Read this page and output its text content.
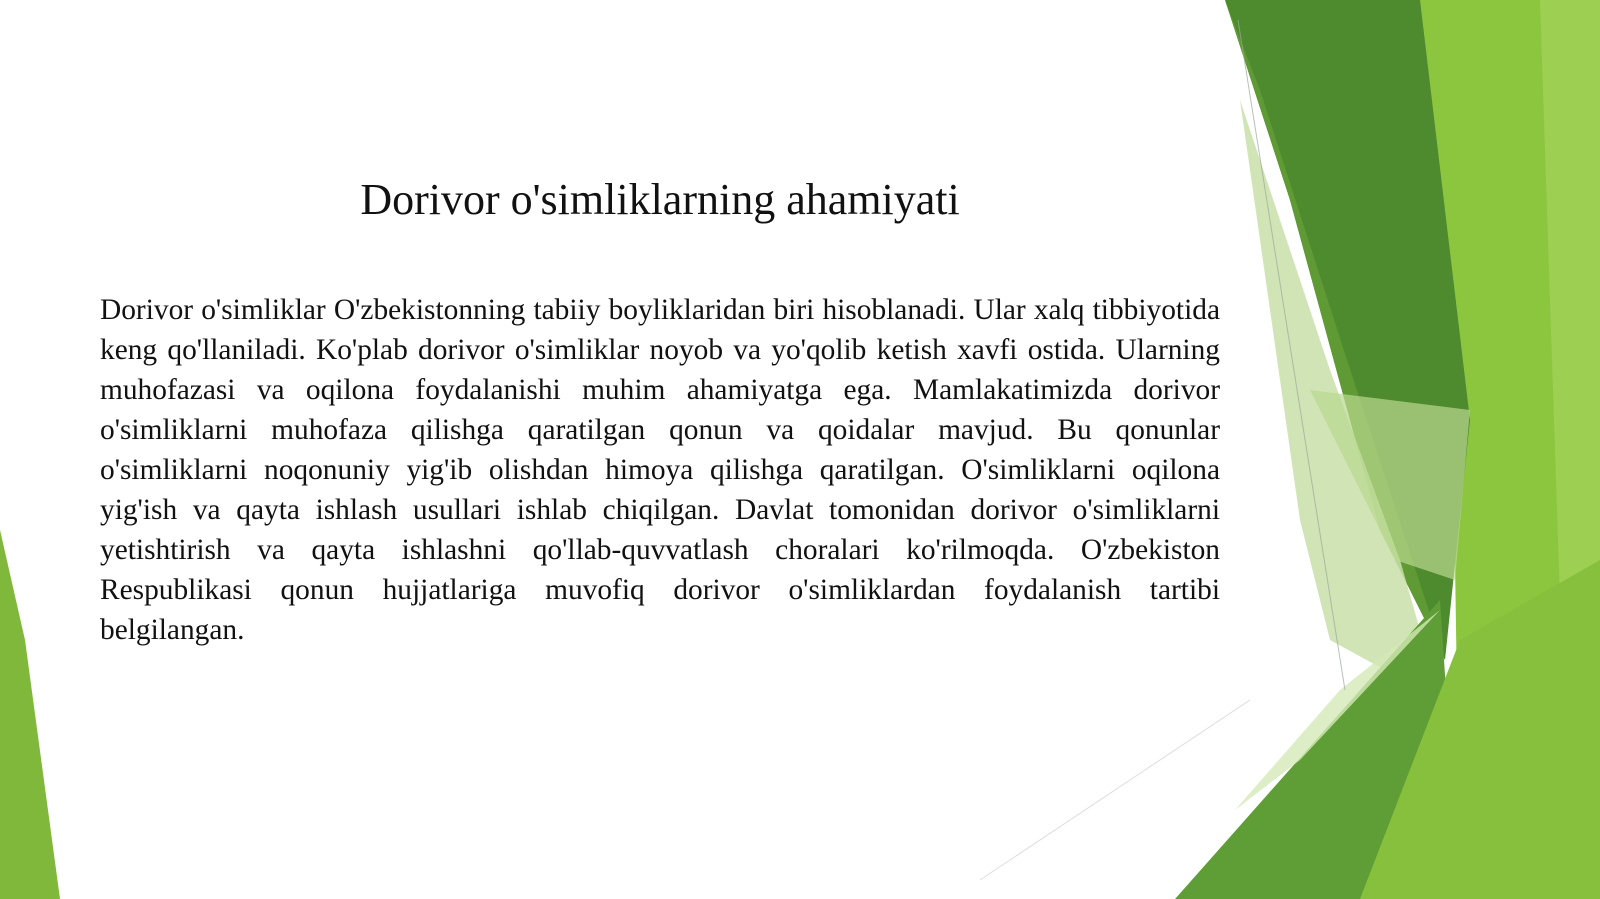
Dorivor o'simliklarning ahamiyati

Dorivor o'simliklar O'zbekistonning tabiiy boyliklaridan biri hisoblanadi. Ular xalq tibbiyotida keng qo'llaniladi. Ko'plab dorivor o'simliklar noyob va yo'qolib ketish xavfi ostida. Ularning muhofazasi va oqilona foydalanishi muhim ahamiyatga ega. Mamlakatimizda dorivor o'simliklarni muhofaza qilishga qaratilgan qonun va qoidalar mavjud. Bu qonunlar o'simliklarni noqonuniy yig'ib olishdan himoya qilishga qaratilgan. O'simliklarni oqilona yig'ish va qayta ishlash usullari ishlab chiqilgan. Davlat tomonidan dorivor o'simliklarni yetishtirish va qayta ishlashni qo'llab-quvvatlash choralari ko'rilmoqda. O'zbekiston Respublikasi qonun hujjatlariga muvofiq dorivor o'simliklardan foydalanish tartibi belgilangan.
